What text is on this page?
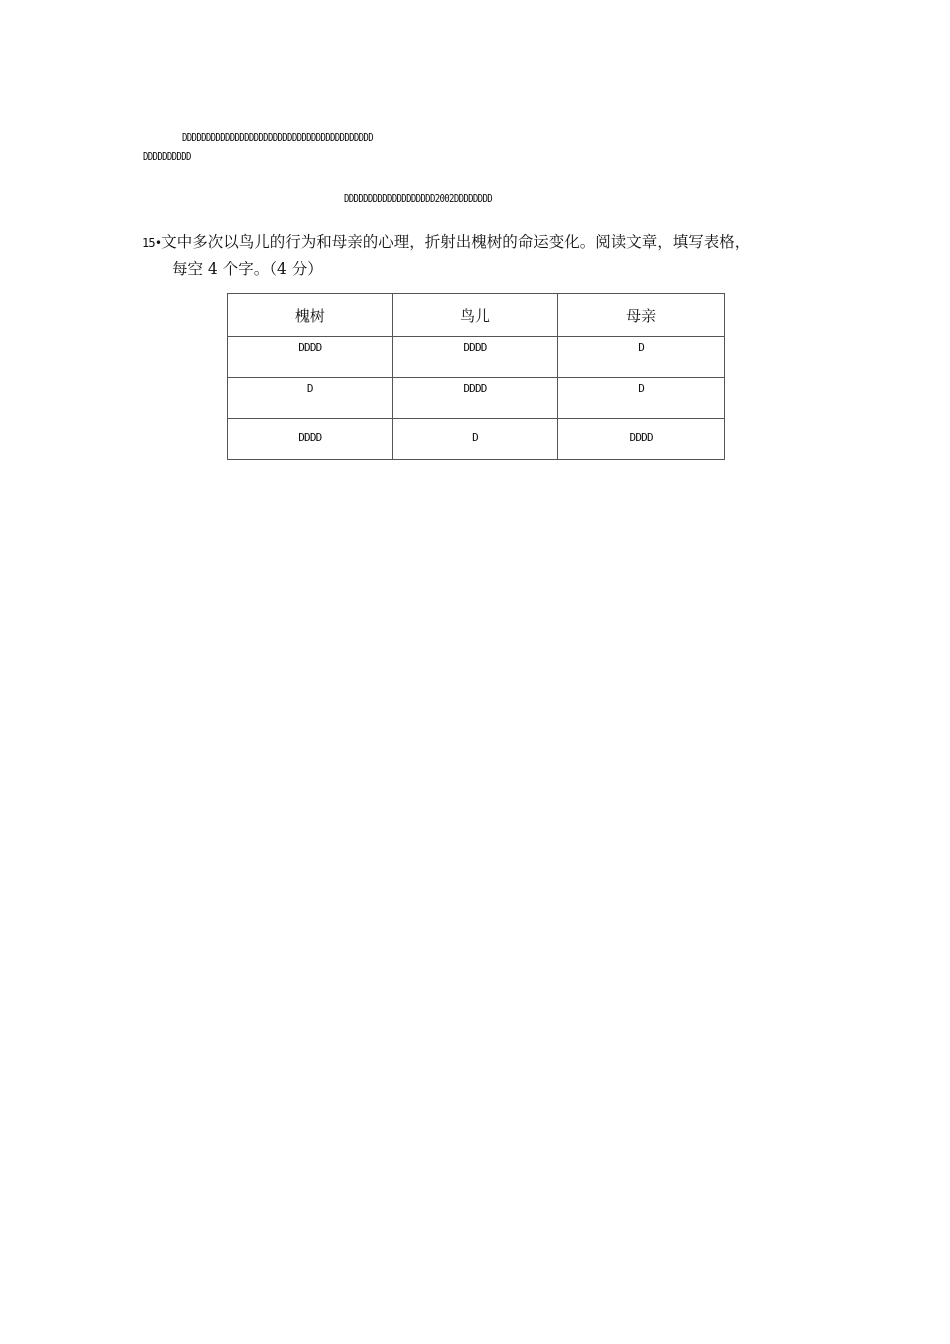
DDDDDDDDDDDDDDDDDDDDDDDDDDDDDDDDDDDDDDDD
DDDDDDDDDD
DDDDDDDDDDDDDDDDDDD2002DDDDDDDD
15•文中多次以鸟儿的行为和母亲的心理，折射出槐树的命运变化。阅读文章，填写表格，
每空 4 个字。（4 分）
槐树	鸟儿	母亲
DDDD	DDDD	D
D	DDDD	D
DDDD	D	DDDD
